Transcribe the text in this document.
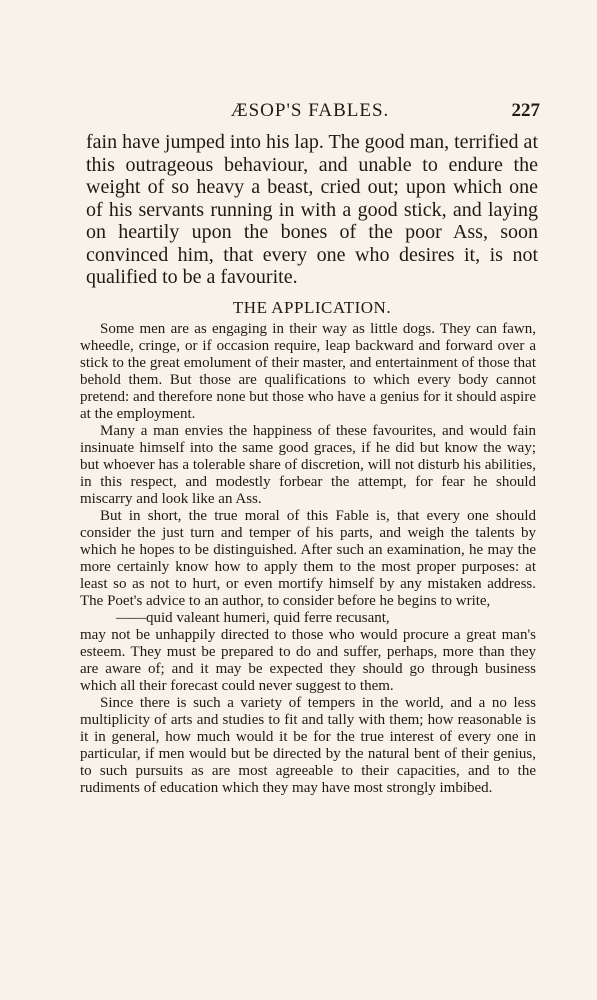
ÆSOP'S FABLES.	227

fain have jumped into his lap. The good man, terrified at this outrageous behaviour, and unable to endure the weight of so heavy a beast, cried out; upon which one of his servants running in with a good stick, and laying on heartily upon the bones of the poor Ass, soon convinced him, that every one who desires it, is not qualified to be a favourite.

THE APPLICATION.

Some men are as engaging in their way as little dogs. They can fawn, wheedle, cringe, or if occasion require, leap backward and forward over a stick to the great emolument of their master, and entertainment of those that behold them. But those are qualifications to which every body cannot pretend: and therefore none but those who have a genius for it should aspire at the employment.

Many a man envies the happiness of these favourites, and would fain insinuate himself into the same good graces, if he did but know the way; but whoever has a tolerable share of discretion, will not disturb his abilities, in this respect, and modestly forbear the attempt, for fear he should miscarry and look like an Ass.

But in short, the true moral of this Fable is, that every one should consider the just turn and temper of his parts, and weigh the talents by which he hopes to be distinguished. After such an examination, he may the more certainly know how to apply them to the most proper purposes: at least so as not to hurt, or even mortify himself by any mistaken address. The Poet's advice to an author, to consider before he begins to write,

——quid valeant humeri, quid ferre recusant,

may not be unhappily directed to those who would procure a great man's esteem. They must be prepared to do and suffer, perhaps, more than they are aware of; and it may be expected they should go through business which all their forecast could never suggest to them.

Since there is such a variety of tempers in the world, and a no less multiplicity of arts and studies to fit and tally with them; how reasonable is it in general, how much would it be for the true interest of every one in particular, if men would but be directed by the natural bent of their genius, to such pursuits as are most agreeable to their capacities, and to the rudiments of education which they may have most strongly imbibed.
